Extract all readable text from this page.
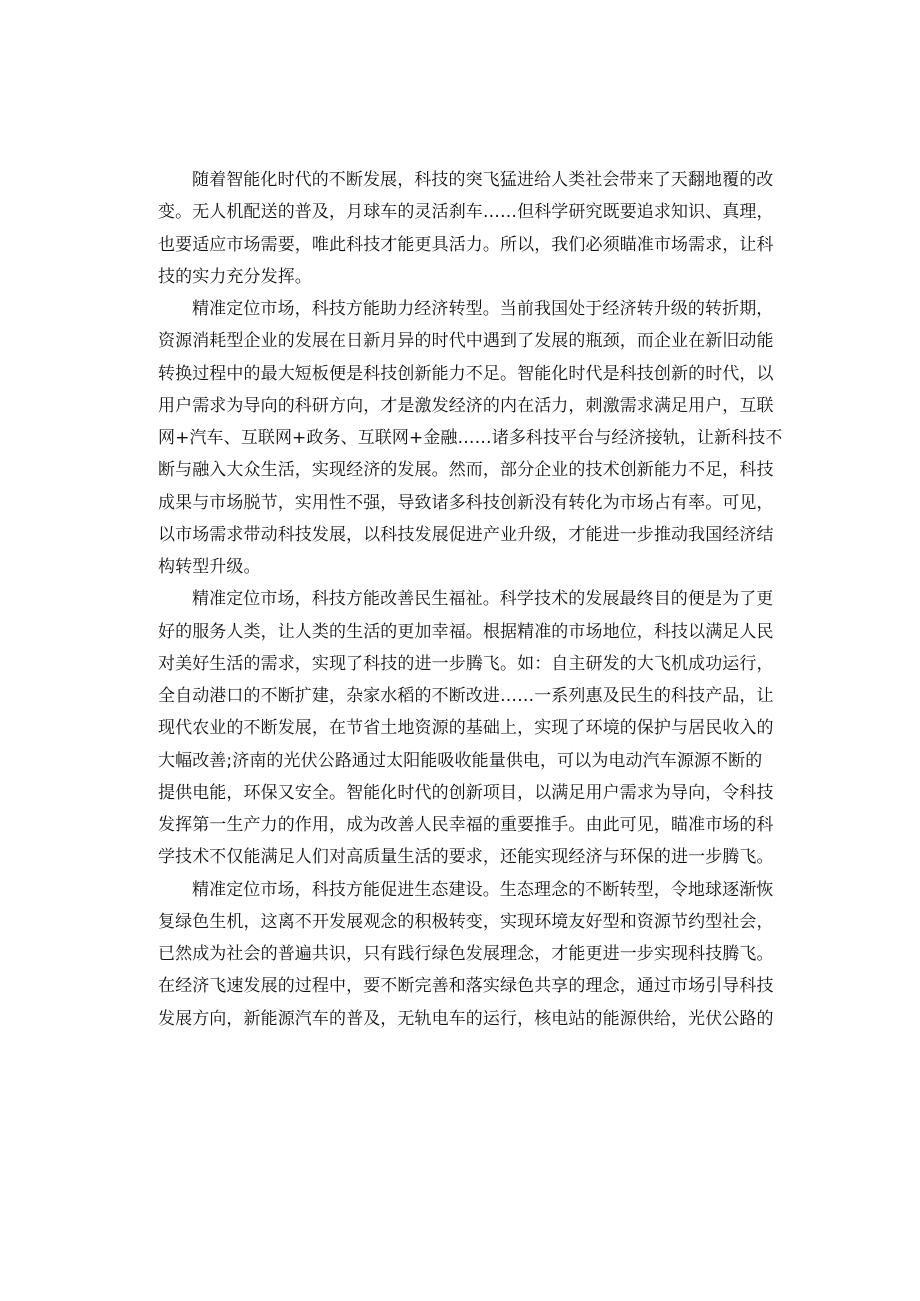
随着智能化时代的不断发展，科技的突飞猛进给人类社会带来了天翻地覆的改
变。无人机配送的普及，月球车的灵活刹车……但科学研究既要追求知识、真理，
也要适应市场需要，唯此科技才能更具活力。所以，我们必须瞄准市场需求，让科
技的实力充分发挥。
精准定位市场，科技方能助力经济转型。当前我国处于经济转升级的转折期，
资源消耗型企业的发展在日新月异的时代中遇到了发展的瓶颈，而企业在新旧动能
转换过程中的最大短板便是科技创新能力不足。智能化时代是科技创新的时代，以
用户需求为导向的科研方向，才是激发经济的内在活力，刺激需求满足用户，互联
网+汽车、互联网+政务、互联网+金融……诸多科技平台与经济接轨，让新科技不
断与融入大众生活，实现经济的发展。然而，部分企业的技术创新能力不足，科技
成果与市场脱节，实用性不强，导致诸多科技创新没有转化为市场占有率。可见，
以市场需求带动科技发展，以科技发展促进产业升级，才能进一步推动我国经济结
构转型升级。
精准定位市场，科技方能改善民生福祉。科学技术的发展最终目的便是为了更
好的服务人类，让人类的生活的更加幸福。根据精准的市场地位，科技以满足人民
对美好生活的需求，实现了科技的进一步腾飞。如：自主研发的大飞机成功运行，
全自动港口的不断扩建，杂家水稻的不断改进……一系列惠及民生的科技产品，让
现代农业的不断发展，在节省土地资源的基础上，实现了环境的保护与居民收入的
大幅改善;济南的光伏公路通过太阳能吸收能量供电，可以为电动汽车源源不断的
提供电能，环保又安全。智能化时代的创新项目，以满足用户需求为导向，令科技
发挥第一生产力的作用，成为改善人民幸福的重要推手。由此可见，瞄准市场的科
学技术不仅能满足人们对高质量生活的要求，还能实现经济与环保的进一步腾飞。
精准定位市场，科技方能促进生态建设。生态理念的不断转型，令地球逐渐恢
复绿色生机，这离不开发展观念的积极转变，实现环境友好型和资源节约型社会，
已然成为社会的普遍共识，只有践行绿色发展理念，才能更进一步实现科技腾飞。
在经济飞速发展的过程中，要不断完善和落实绿色共享的理念，通过市场引导科技
发展方向，新能源汽车的普及，无轨电车的运行，核电站的能源供给，光伏公路的
